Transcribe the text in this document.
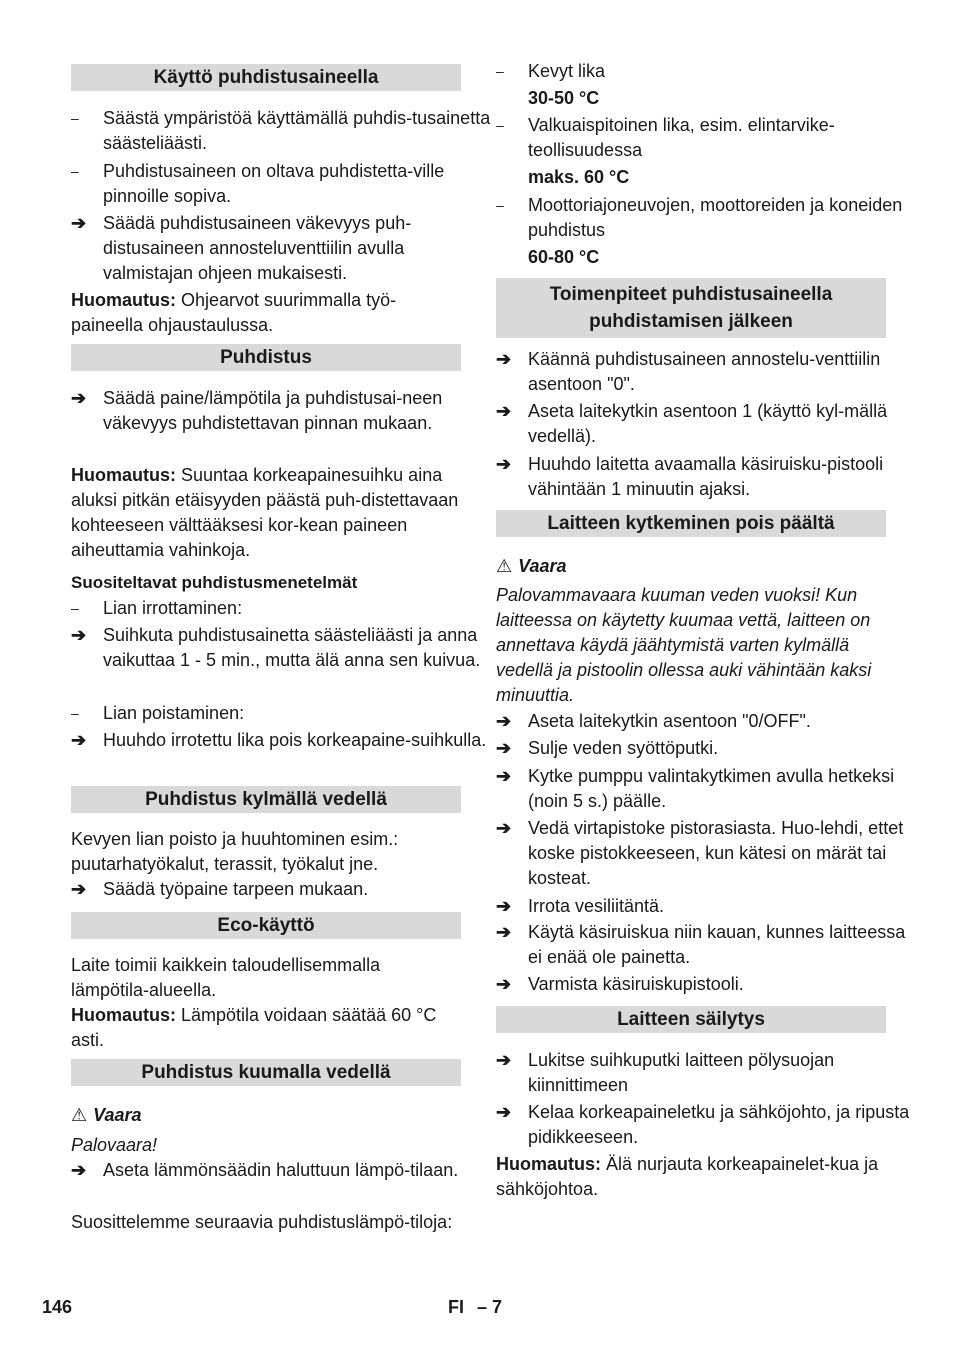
Käyttö puhdistusaineella
–	Säästä ympäristöä käyttämällä puhdis-tusainetta säästeliäästi.
–	Puhdistusaineen on oltava puhdistetta-ville pinnoille sopiva.
➔ Säädä puhdistusaineen väkevyys puh-distusaineen annosteluventtiilin avulla valmistajan ohjeen mukaisesti.
Huomautus: Ohjearvot suurimmalla työ-paineella ohjaustaulussa.
Puhdistus
➔ Säädä paine/lämpötila ja puhdistusai-neen väkevyys puhdistettavan pinnan mukaan.
Huomautus: Suuntaa korkeapainesuihku aina aluksi pitkän etäisyyden päästä puh-distettavaan kohteeseen välttääksesi kor-kean paineen aiheuttamia vahinkoja.
Suositeltavat puhdistusmenetelmät
–	Lian irrottaminen:
➔ Suihkuta puhdistusainetta säästeliäästi ja anna vaikuttaa 1 - 5 min., mutta älä anna sen kuivua.
–	Lian poistaminen:
➔ Huuhdo irrotettu lika pois korkeapaine-suihkulla.
Puhdistus kylmällä vedellä
Kevyen lian poisto ja huuhtominen esim.: puutarhatyökalut, terassit, työkalut jne.
➔ Säädä työpaine tarpeen mukaan.
Eco-käyttö
Laite toimii kaikkein taloudellisemmalla lämpötila-alueella.
Huomautus: Lämpötila voidaan säätää 60 °C asti.
Puhdistus kuumalla vedellä
⚠ Vaara
Palovaara!
➔ Aseta lämmönsäädin haluttuun lämpö-tilaan.
Suosittelemme seuraavia puhdistuslämpö-tiloja:
–	Kevyt lika
30-50 °C
–	Valkuaispitoinen lika, esim. elintarvike-teollisuudessa
maks. 60 °C
–	Moottoriajoneuvojen, moottoreiden ja koneiden puhdistus
60-80 °C
Toimenpiteet puhdistusaineella puhdistamisen jälkeen
➔ Käännä puhdistusaineen annostelu-venttiilin asentoon "0".
➔ Aseta laitekytkin asentoon 1 (käyttö kyl-mällä vedellä).
➔ Huuhdo laitetta avaamalla käsiruisku-pistooli vähintään 1 minuutin ajaksi.
Laitteen kytkeminen pois päältä
⚠ Vaara
Palovammavaara kuuman veden vuoksi! Kun laitteessa on käytetty kuumaa vettä, laitteen on annettava käydä jäähtymistä varten kylmällä vedellä ja pistoolin ollessa auki vähintään kaksi minuuttia.
➔ Aseta laitekytkin asentoon "0/OFF".
➔ Sulje veden syöttöputki.
➔ Kytke pumppu valintakytkimen avulla hetkeksi (noin 5 s.) päälle.
➔ Vedä virtapistoke pistorasiasta. Huo-lehdi, ettet koske pistokkeeseen, kun kätesi on märät tai kosteat.
➔ Irrota vesiliitäntä.
➔ Käytä käsiruiskua niin kauan, kunnes laitteessa ei enää ole painetta.
➔ Varmista käsiruiskupistooli.
Laitteen säilytys
➔ Lukitse suihkuputki laitteen pölysuojan kiinnittimeen
➔ Kelaa korkeapaineletku ja sähköjohto, ja ripusta pidikkeeseen.
Huomautus: Älä nurjauta korkeapainelet-kua ja sähköjohtoa.
146	FI – 7
